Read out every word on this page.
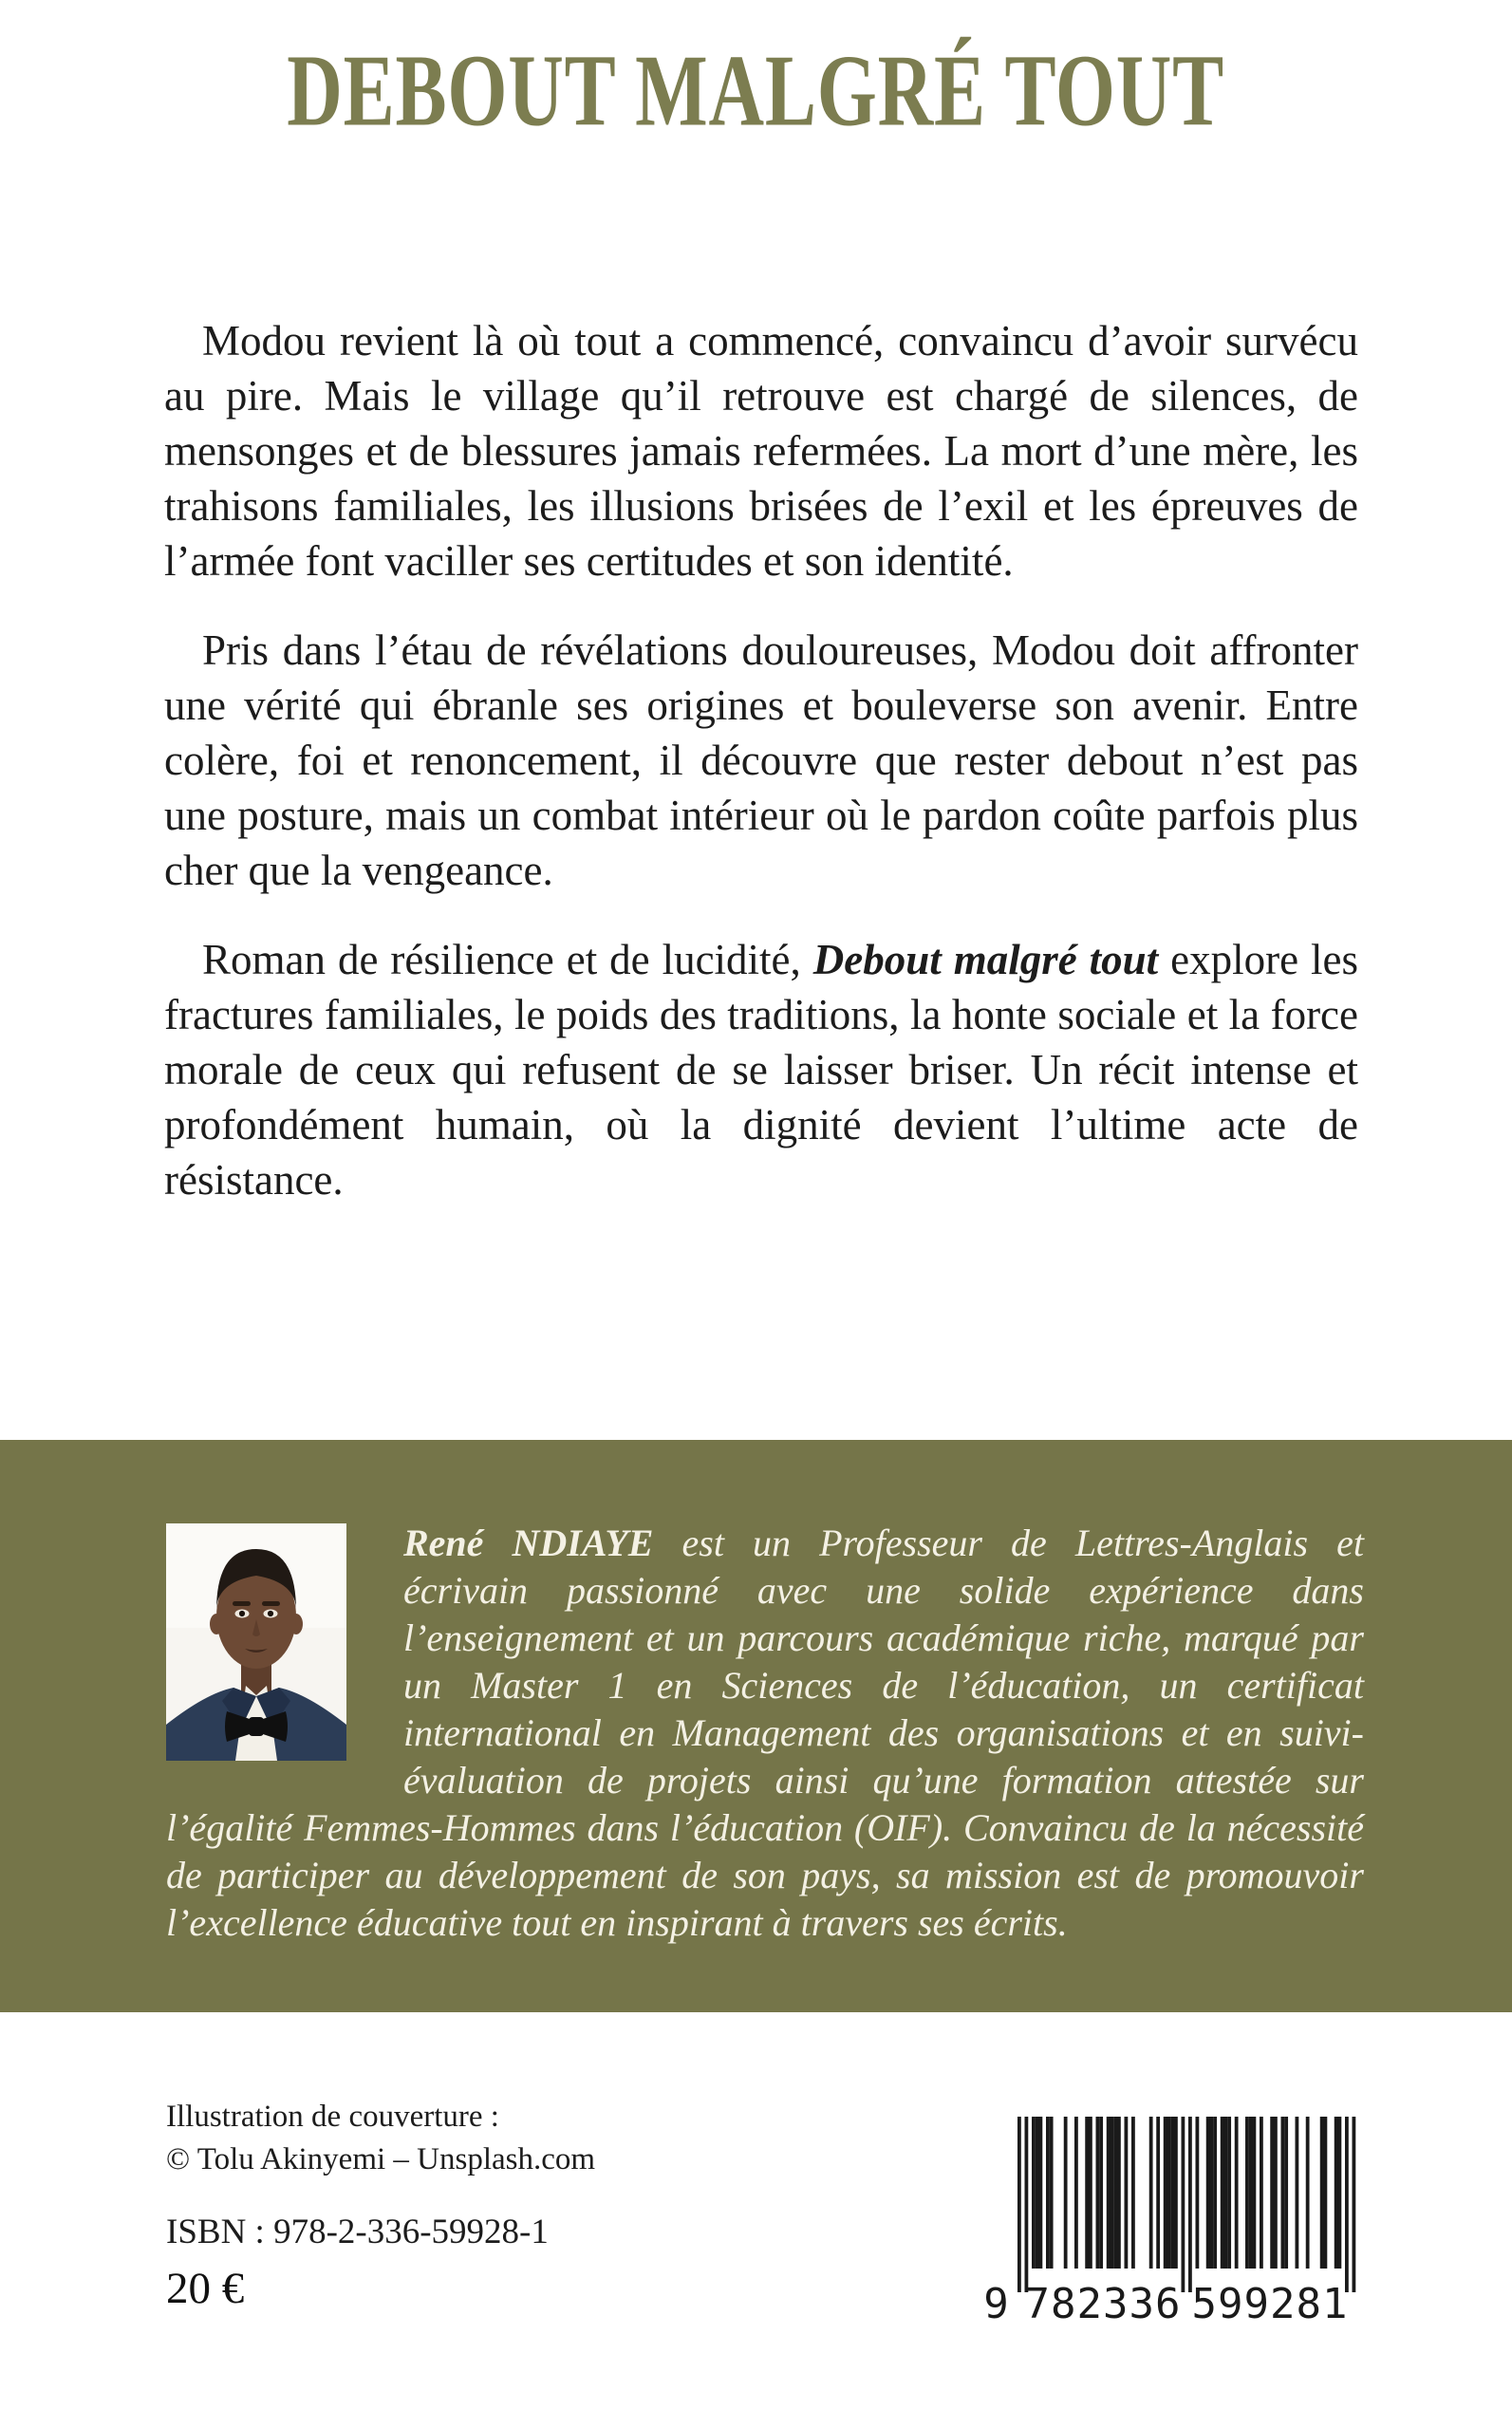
DEBOUT MALGRÉ TOUT

Modou revient là où tout a commencé, convaincu d’avoir survécu au pire. Mais le village qu’il retrouve est chargé de silences, de mensonges et de blessures jamais refermées. La mort d’une mère, les trahisons familiales, les illusions brisées de l’exil et les épreuves de l’armée font vaciller ses certitudes et son identité.

Pris dans l’étau de révélations douloureuses, Modou doit affronter une vérité qui ébranle ses origines et bouleverse son avenir. Entre colère, foi et renoncement, il découvre que rester debout n’est pas une posture, mais un combat intérieur où le pardon coûte parfois plus cher que la vengeance.

Roman de résilience et de lucidité, Debout malgré tout explore les fractures familiales, le poids des traditions, la honte sociale et la force morale de ceux qui refusent de se laisser briser. Un récit intense et profondément humain, où la dignité devient l’ultime acte de résistance.

René NDIAYE est un Professeur de Lettres-Anglais et écrivain passionné avec une solide expérience dans l’enseignement et un parcours académique riche, marqué par un Master 1 en Sciences de l’éducation, un certificat international en Management des organisations et en suivi-évaluation de projets ainsi qu’une formation attestée sur l’égalité Femmes-Hommes dans l’éducation (OIF). Convaincu de la nécessité de participer au développement de son pays, sa mission est de promouvoir l’excellence éducative tout en inspirant à travers ses écrits.

Illustration de couverture :
© Tolu Akinyemi – Unsplash.com
ISBN : 978-2-336-59928-1
20 €	9 782336 599281
